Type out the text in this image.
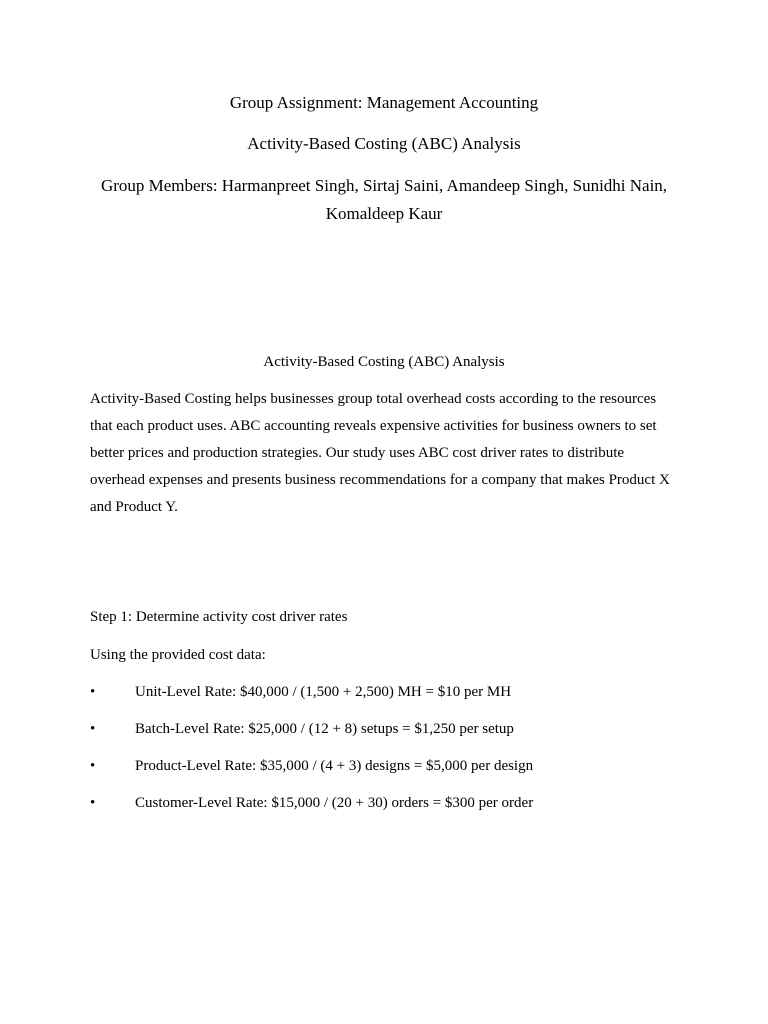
Group Assignment: Management Accounting

Activity-Based Costing (ABC) Analysis

Group Members: Harmanpreet Singh, Sirtaj Saini, Amandeep Singh, Sunidhi Nain, Komaldeep Kaur

Activity-Based Costing (ABC) Analysis

Activity-Based Costing helps businesses group total overhead costs according to the resources that each product uses. ABC accounting reveals expensive activities for business owners to set better prices and production strategies. Our study uses ABC cost driver rates to distribute overhead expenses and presents business recommendations for a company that makes Product X and Product Y.

Step 1: Determine activity cost driver rates
Using the provided cost data:
•	Unit-Level Rate: $40,000 / (1,500 + 2,500) MH = $10 per MH
•	Batch-Level Rate: $25,000 / (12 + 8) setups = $1,250 per setup
•	Product-Level Rate: $35,000 / (4 + 3) designs = $5,000 per design
•	Customer-Level Rate: $15,000 / (20 + 30) orders = $300 per order
